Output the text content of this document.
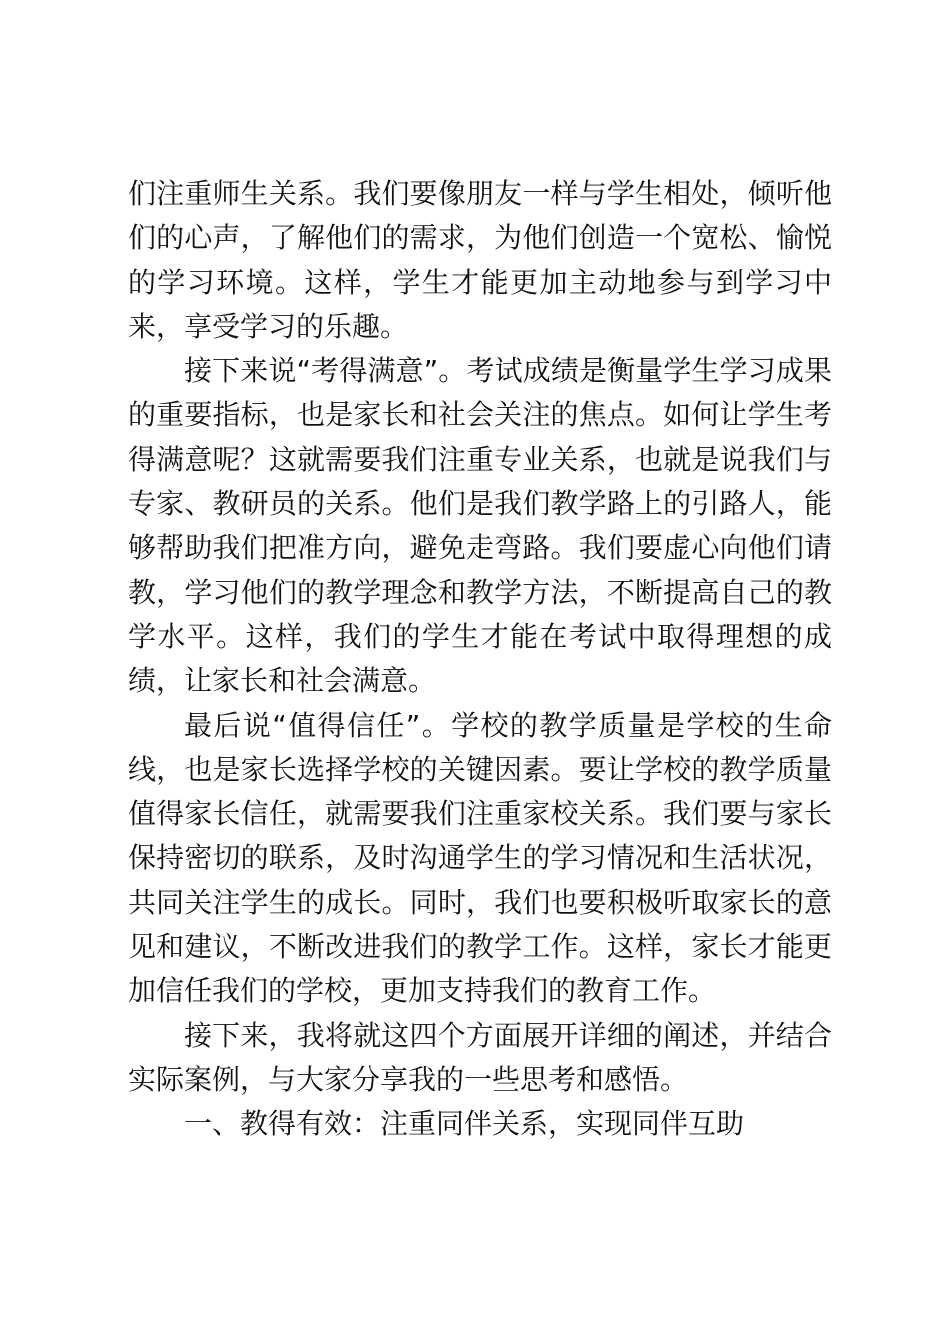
们注重师生关系。我们要像朋友一样与学生相处，倾听他们的心声，了解他们的需求，为他们创造一个宽松、愉悦的学习环境。这样，学生才能更加主动地参与到学习中来，享受学习的乐趣。

接下来说“考得满意”。考试成绩是衡量学生学习成果的重要指标，也是家长和社会关注的焦点。如何让学生考得满意呢？这就需要我们注重专业关系，也就是说我们与专家、教研员的关系。他们是我们教学路上的引路人，能够帮助我们把准方向，避免走弯路。我们要虚心向他们请教，学习他们的教学理念和教学方法，不断提高自己的教学水平。这样，我们的学生才能在考试中取得理想的成绩，让家长和社会满意。

最后说“值得信任”。学校的教学质量是学校的生命线，也是家长选择学校的关键因素。要让学校的教学质量值得家长信任，就需要我们注重家校关系。我们要与家长保持密切的联系，及时沟通学生的学习情况和生活状况，共同关注学生的成长。同时，我们也要积极听取家长的意见和建议，不断改进我们的教学工作。这样，家长才能更加信任我们的学校，更加支持我们的教育工作。

接下来，我将就这四个方面展开详细的阐述，并结合实际案例，与大家分享我的一些思考和感悟。

一、教得有效：注重同伴关系，实现同伴互助
